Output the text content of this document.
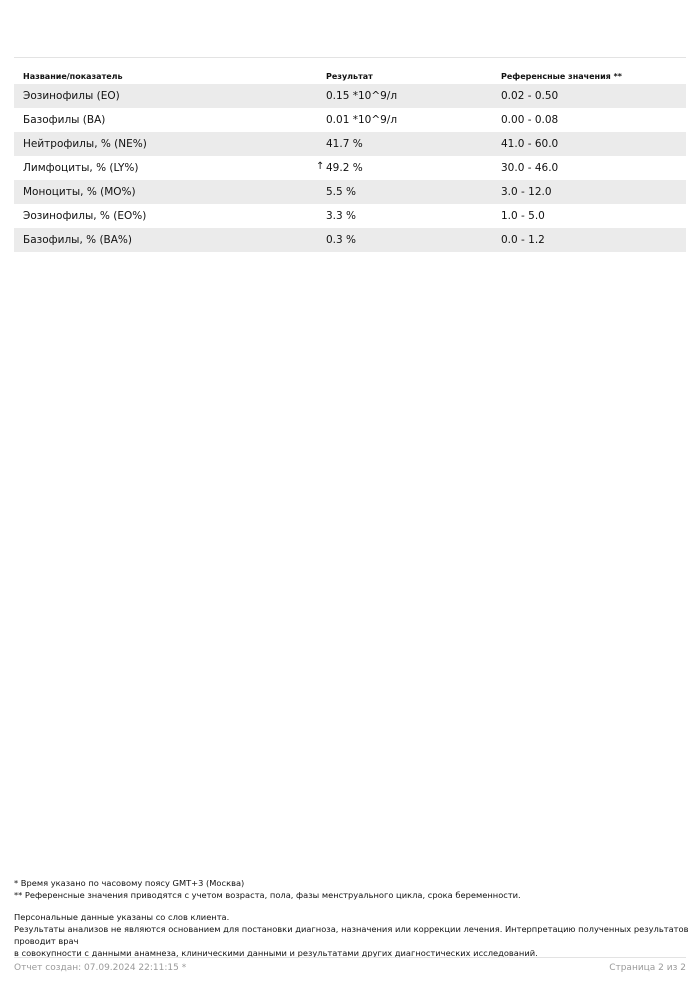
Название/показатель	Результат	Референсные значения **
Эозинофилы (EO)	0.15 *10^9/л	0.02 - 0.50
Базофилы (BA)	0.01 *10^9/л	0.00 - 0.08
Нейтрофилы, % (NE%)	41.7 %	41.0 - 60.0
Лимфоциты, % (LY%)	↑ 49.2 %	30.0 - 46.0
Моноциты, % (MO%)	5.5 %	3.0 - 12.0
Эозинофилы, % (EO%)	3.3 %	1.0 - 5.0
Базофилы, % (BA%)	0.3 %	0.0 - 1.2
* Время указано по часовому поясу GMT+3 (Москва)
** Референсные значения приводятся с учетом возраста, пола, фазы менструального цикла, срока беременности.
Персональные данные указаны со слов клиента.
Результаты анализов не являются основанием для постановки диагноза, назначения или коррекции лечения. Интерпретацию полученных результатов проводит врач
в совокупности с данными анамнеза, клиническими данными и результатами других диагностических исследований.
Отчет создан: 07.09.2024 22:11:15 *	Страница 2 из 2
